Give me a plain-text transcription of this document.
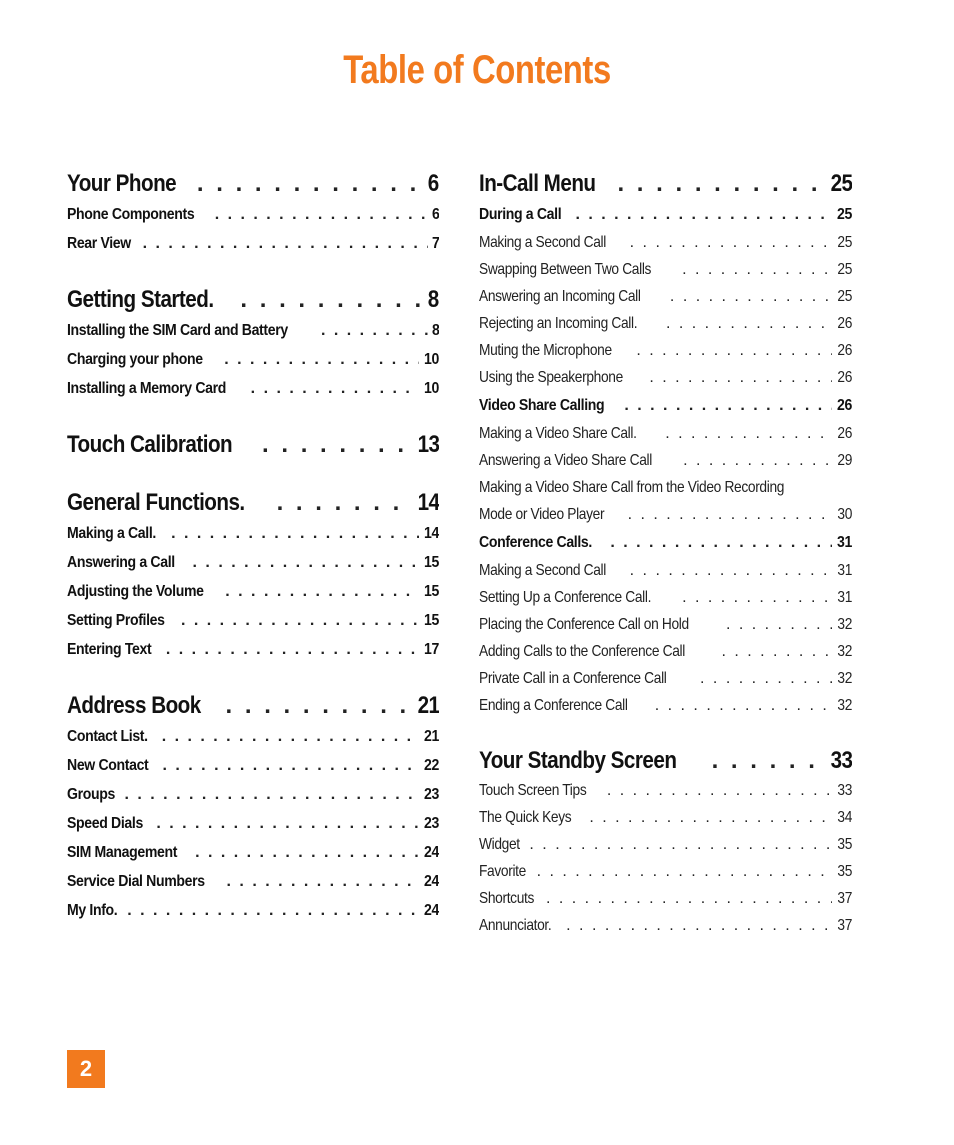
Table of Contents
Your Phone . . .	6
Phone Components . . .	6
Rear View . . .	7
Getting Started. . . .	8
Installing the SIM Card and Battery . . .	8
Charging your phone . . .	10
Installing a Memory Card . . .	10
Touch Calibration . . .	13
General Functions. . . .	14
Making a Call. . . .	14
Answering a Call . . .	15
Adjusting the Volume . . .	15
Setting Profiles . . .	15
Entering Text . . .	17
Address Book . . .	21
Contact List. . . .	21
New Contact . . .	22
Groups . . .	23
Speed Dials . . .	23
SIM Management . . .	24
Service Dial Numbers . . .	24
My Info. . . .	24
In-Call Menu . . .	25
During a Call . . .	25
Making a Second Call . . .	25
Swapping Between Two Calls . . .	25
Answering an Incoming Call . . .	25
Rejecting an Incoming Call. . . .	26
Muting the Microphone . . .	26
Using the Speakerphone . . .	26
Video Share Calling . . .	26
Making a Video Share Call. . . .	26
Answering a Video Share Call . . .	29
Making a Video Share Call from the Video Recording
Mode or Video Player . . .	30
Conference Calls. . . .	31
Making a Second Call . . .	31
Setting Up a Conference Call. . . .	31
Placing the Conference Call on Hold . . .	32
Adding Calls to the Conference Call . . .	32
Private Call in a Conference Call . . .	32
Ending a Conference Call . . .	32
Your Standby Screen . . .	33
Touch Screen Tips . . .	33
The Quick Keys . . .	34
Widget . . .	35
Favorite . . .	35
Shortcuts . . .	37
Annunciator. . . .	37
2
